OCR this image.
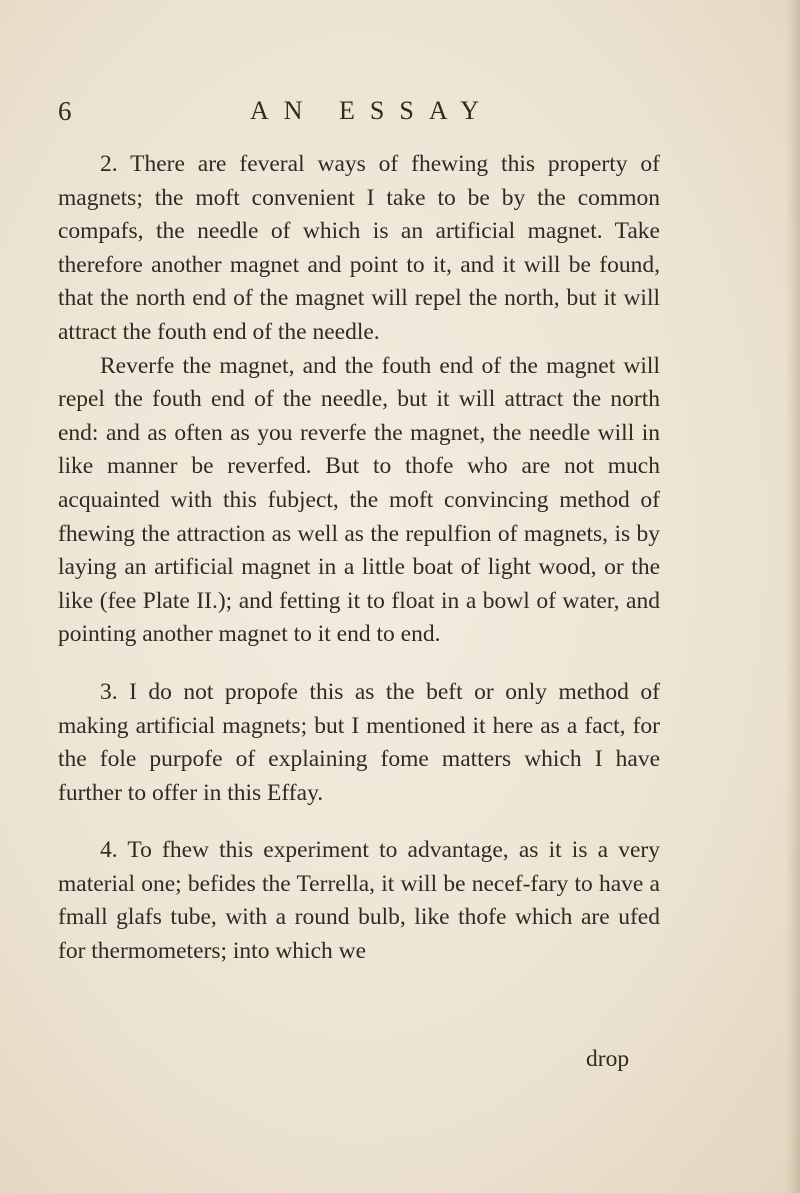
6	AN ESSAY

2. There are feveral ways of fhewing this property of magnets; the moft convenient I take to be by the common compafs, the needle of which is an artificial magnet. Take therefore another magnet and point to it, and it will be found, that the north end of the magnet will repel the north, but it will attract the fouth end of the needle.

Reverfe the magnet, and the fouth end of the magnet will repel the fouth end of the needle, but it will attract the north end: and as often as you reverfe the magnet, the needle will in like manner be reverfed. But to thofe who are not much acquainted with this fubject, the moft convincing method of fhewing the attraction as well as the repulfion of magnets, is by laying an artificial magnet in a little boat of light wood, or the like (fee Plate II.); and fetting it to float in a bowl of water, and pointing another magnet to it end to end.

3. I do not propofe this as the beft or only method of making artificial magnets; but I mentioned it here as a fact, for the fole purpofe of explaining fome matters which I have further to offer in this Effay.

4. To fhew this experiment to advantage, as it is a very material one; befides the Terrella, it will be necef-fary to have a fmall glafs tube, with a round bulb, like thofe which are ufed for thermometers; into which we

drop
